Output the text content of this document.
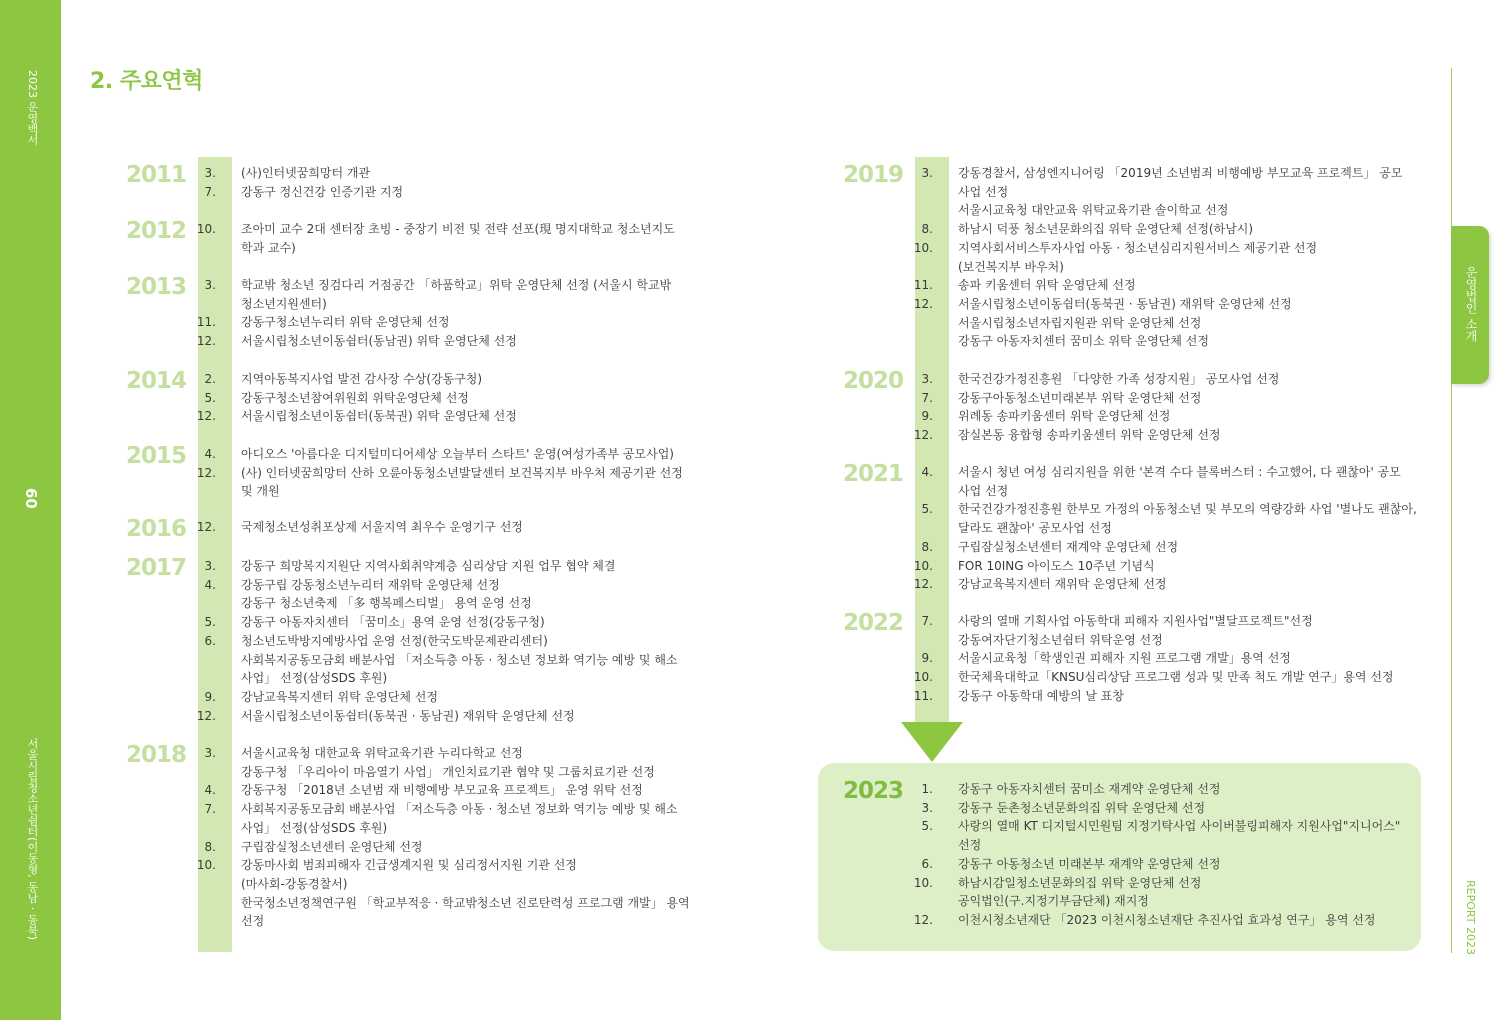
2023 운영백서
60
서울시립청소년쉼터(이동형, 동남 · 동북)
2. 주요연혁
운영법인 소개
REPORT 2023
2011	3. (사)인터넷꿈희망터 개관
7. 강동구 정신건강 인증기관 지정
2012 10. 조아미 교수 2대 센터장 초빙 - 중장기 비전 및 전략 선포(現 명지대학교 청소년지도
학과 교수)
2013	3. 학교밖 청소년 징검다리 거점공간 「하품학교」위탁 운영단체 선정 (서울시 학교밖
청소년지원센터)
11. 강동구청소년누리터 위탁 운영단체 선정
12. 서울시립청소년이동쉼터(동남권) 위탁 운영단체 선정
2014	2. 지역아동복지사업 발전 감사장 수상(강동구청)
5. 강동구청소년참여위원회 위탁운영단체 선정
12. 서울시립청소년이동쉼터(동북권) 위탁 운영단체 선정
2015	4. 아디오스 '아름다운 디지털미디어세상 오늘부터 스타트' 운영(여성가족부 공모사업)
12. (사) 인터넷꿈희망터 산하 오륜아동청소년발달센터 보건복지부 바우처 제공기관 선정
및 개원
2016 12. 국제청소년성취포상제 서울지역 최우수 운영기구 선정
2017	3. 강동구 희망복지지원단 지역사회취약계층 심리상담 지원 업무 협약 체결
4. 강동구립 강동청소년누리터 재위탁 운영단체 선정
강동구 청소년축제 「多 행복페스티벌」 용역 운영 선정
5. 강동구 아동자치센터 「꿈미소」용역 운영 선정(강동구청)
6. 청소년도박방지예방사업 운영 선정(한국도박문제관리센터)
사회복지공동모금회 배분사업 「저소득층 아동 · 청소년 정보화 역기능 예방 및 해소
사업」 선정(삼성SDS 후원)
9. 강남교육복지센터 위탁 운영단체 선정
12. 서울시립청소년이동쉼터(동북권 · 동남권) 재위탁 운영단체 선정
2018	3. 서울시교육청 대한교육 위탁교육기관 누리다학교 선정
강동구청 「우리아이 마음열기 사업」 개인치료기관 협약 및 그룹치료기관 선정
4. 강동구청 「2018년 소년범 재 비행예방 부모교육 프로젝트」 운영 위탁 선정
7. 사회복지공동모금회 배분사업 「저소득층 아동 · 청소년 정보화 역기능 예방 및 해소
사업」 선정(삼성SDS 후원)
8. 구립잠실청소년센터 운영단체 선정
10. 강동마사회 범죄피해자 긴급생계지원 및 심리정서지원 기관 선정
(마사회-강동경찰서)
한국청소년정책연구원 「학교부적응 · 학교밖청소년 진로탄력성 프로그램 개발」 용역
선정
2019	3. 강동경찰서, 삼성엔지니어링 「2019년 소년범죄 비행예방 부모교육 프로젝트」 공모
사업 선정
서울시교육청 대안교육 위탁교육기관 솔이학교 선정
8. 하남시 덕풍 청소년문화의집 위탁 운영단체 선정(하남시)
10. 지역사회서비스투자사업 아동 · 청소년심리지원서비스 제공기관 선정
(보건복지부 바우처)
11. 송파 키움센터 위탁 운영단체 선정
12. 서울시립청소년이동쉼터(동북권 · 동남권) 재위탁 운영단체 선정
서울시립청소년자립지원관 위탁 운영단체 선정
강동구 아동자치센터 꿈미소 위탁 운영단체 선정
2020	3. 한국건강가정진흥원 「다양한 가족 성장지원」 공모사업 선정
7. 강동구아동청소년미래본부 위탁 운영단체 선정
9. 위례동 송파키움센터 위탁 운영단체 선정
12. 잠실본동 융합형 송파키움센터 위탁 운영단체 선정
2021	4. 서울시 청년 여성 심리지원을 위한 '본격 수다 블록버스터 : 수고했어, 다 괜찮아' 공모
사업 선정
5. 한국건강가정진흥원 한부모 가정의 아동청소년 및 부모의 역량강화 사업 '별나도 괜찮아,
달라도 괜찮아' 공모사업 선정
8. 구립잠실청소년센터 재계약 운영단체 선정
10. FOR 10ING 아이도스 10주년 기념식
12. 강남교육복지센터 재위탁 운영단체 선정
2022	7. 사랑의 열매 기획사업 아동학대 피해자 지원사업"별달프로젝트"선정
강동여자단기청소년쉼터 위탁운영 선정
9. 서울시교육청「학생인권 피해자 지원 프로그램 개발」용역 선정
10. 한국체육대학교「KNSU심리상담 프로그램 성과 및 만족 척도 개발 연구」용역 선정
11. 강동구 아동학대 예방의 날 표창
2023	1. 강동구 아동자치센터 꿈미소 재계약 운영단체 선정
3. 강동구 둔촌청소년문화의집 위탁 운영단체 선정
5. 사랑의 열매 KT 디지털시민원팀 지정기탁사업 사이버불링피해자 지원사업"지니어스"
선정
6. 강동구 아동청소년 미래본부 재계약 운영단체 선정
10. 하남시감일청소년문화의집 위탁 운영단체 선정
공익법인(구.지정기부금단체) 재지정
12. 이천시청소년재단 「2023 이천시청소년재단 추진사업 효과성 연구」 용역 선정
